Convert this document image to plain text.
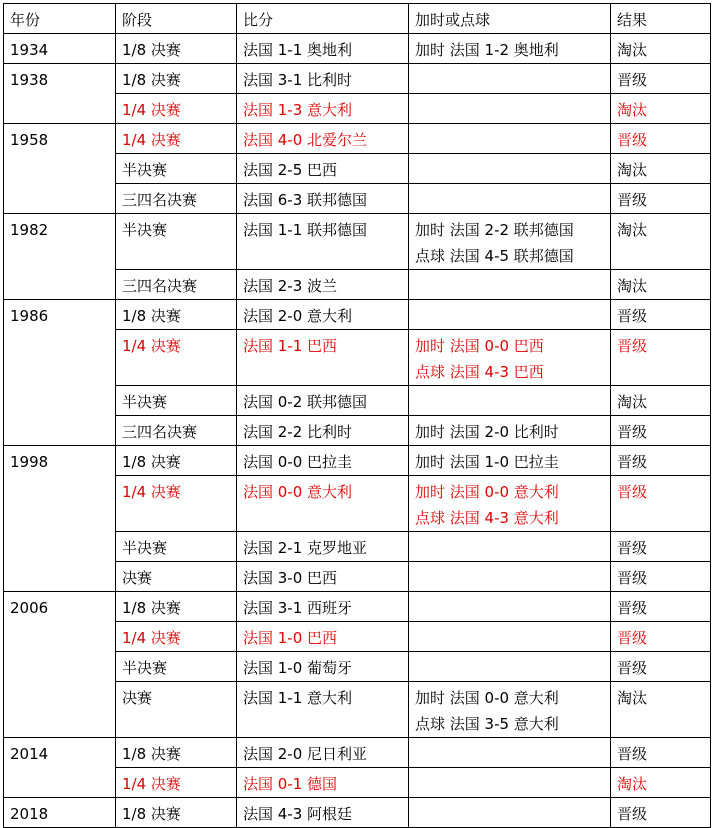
年份	阶段	比分	加时或点球	结果
1934	1/8 决赛	法国 1-1 奥地利	加时 法国 1-2 奥地利	淘汰
1938	1/8 决赛	法国 3-1 比利时		晋级
	1/4 决赛	法国 1-3 意大利		淘汰
1958	1/4 决赛	法国 4-0 北爱尔兰		晋级
	半决赛	法国 2-5 巴西		淘汰
	三四名决赛	法国 6-3 联邦德国		晋级
1982	半决赛	法国 1-1 联邦德国	加时 法国 2-2 联邦德国
点球 法国 4-5 联邦德国	淘汰
	三四名决赛	法国 2-3 波兰		淘汰
1986	1/8 决赛	法国 2-0 意大利		晋级
	1/4 决赛	法国 1-1 巴西	加时 法国 0-0 巴西
点球 法国 4-3 巴西	晋级
	半决赛	法国 0-2 联邦德国		淘汰
	三四名决赛	法国 2-2 比利时	加时 法国 2-0 比利时	晋级
1998	1/8 决赛	法国 0-0 巴拉圭	加时 法国 1-0 巴拉圭	晋级
	1/4 决赛	法国 0-0 意大利	加时 法国 0-0 意大利
点球 法国 4-3 意大利	晋级
	半决赛	法国 2-1 克罗地亚		晋级
	决赛	法国 3-0 巴西		晋级
2006	1/8 决赛	法国 3-1 西班牙		晋级
	1/4 决赛	法国 1-0 巴西		晋级
	半决赛	法国 1-0 葡萄牙		晋级
	决赛	法国 1-1 意大利	加时 法国 0-0 意大利
点球 法国 3-5 意大利	淘汰
2014	1/8 决赛	法国 2-0 尼日利亚		晋级
	1/4 决赛	法国 0-1 德国		淘汰
2018	1/8 决赛	法国 4-3 阿根廷		晋级
